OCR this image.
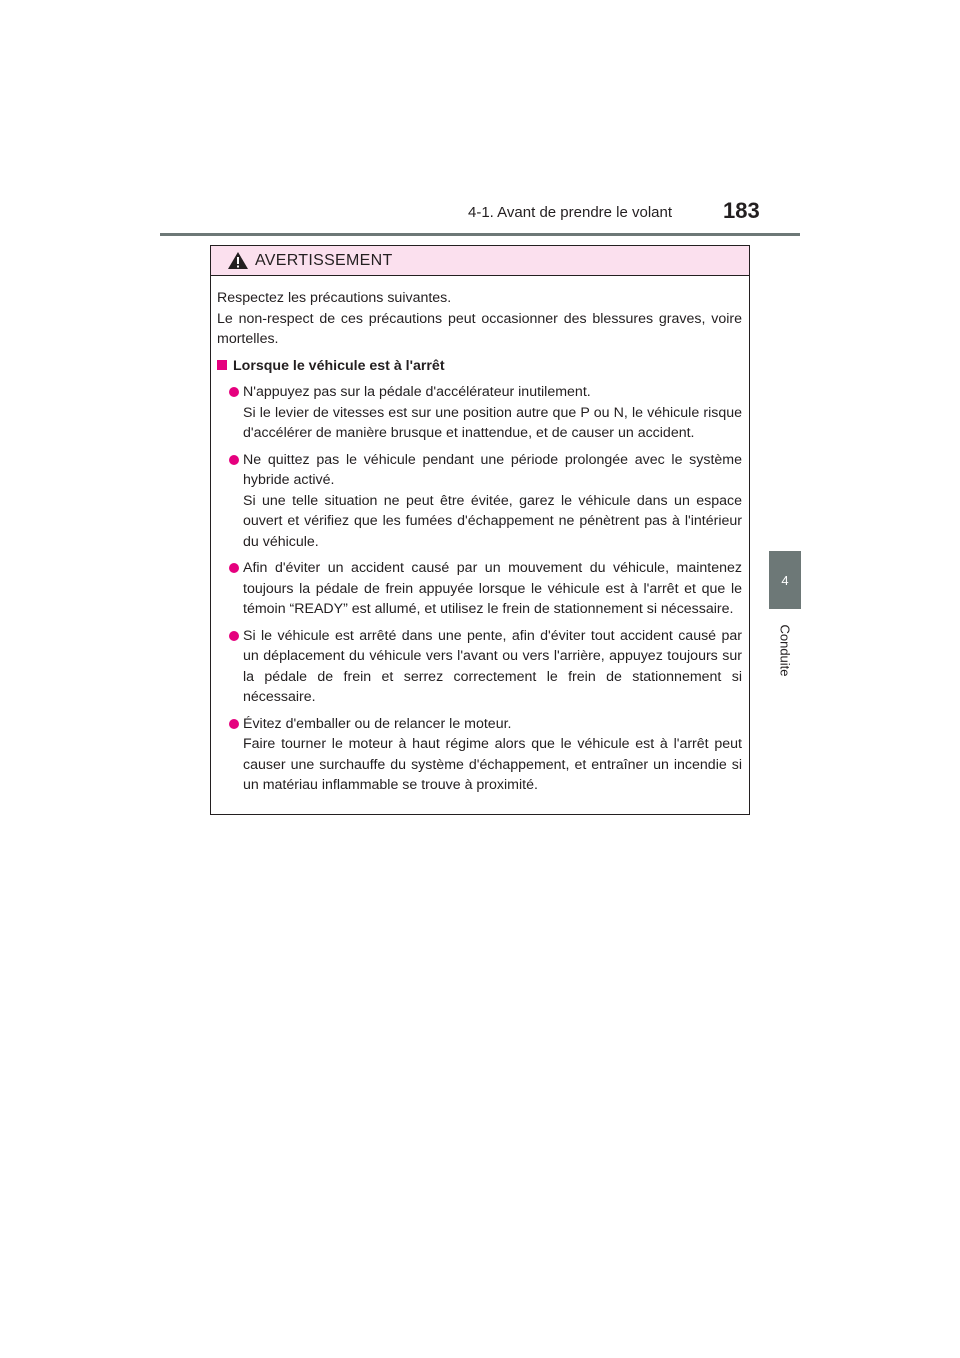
4-1. Avant de prendre le volant 183
4
Conduite
AVERTISSEMENT

Respectez les précautions suivantes.

Le non-respect de ces précautions peut occasionner des blessures graves, voire mortelles.

Lorsque le véhicule est à l'arrêt

N'appuyez pas sur la pédale d'accélérateur inutilement.

Si le levier de vitesses est sur une position autre que P ou N, le véhicule risque d'accélérer de manière brusque et inattendue, et de causer un accident.

Ne quittez pas le véhicule pendant une période prolongée avec le système hybride activé.

Si une telle situation ne peut être évitée, garez le véhicule dans un espace ouvert et vérifiez que les fumées d'échappement ne pénètrent pas à l'intérieur du véhicule.

Afin d'éviter un accident causé par un mouvement du véhicule, maintenez toujours la pédale de frein appuyée lorsque le véhicule est à l'arrêt et que le témoin “READY” est allumé, et utilisez le frein de stationnement si nécessaire.

Si le véhicule est arrêté dans une pente, afin d'éviter tout accident causé par un déplacement du véhicule vers l'avant ou vers l'arrière, appuyez toujours sur la pédale de frein et serrez correctement le frein de stationnement si nécessaire.

Évitez d'emballer ou de relancer le moteur.

Faire tourner le moteur à haut régime alors que le véhicule est à l'arrêt peut causer une surchauffe du système d'échappement, et entraîner un incendie si un matériau inflammable se trouve à proximité.
